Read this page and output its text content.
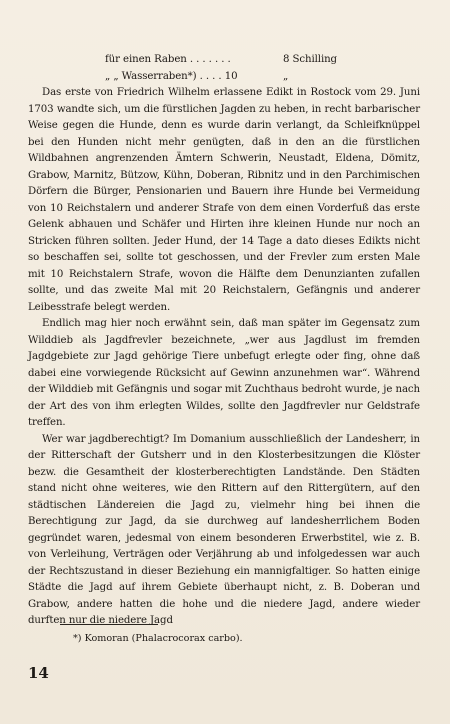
für einen Raben . . . . . . .	8 Schilling
„ „ Wasserraben*) . . . . 10	„

Das erste von Friedrich Wilhelm erlassene Edikt in Rostock vom 29. Juni 1703 wandte sich, um die fürstlichen Jagden zu heben, in recht barbarischer Weise gegen die Hunde, denn es wurde darin verlangt, da Schleifknüppel bei den Hunden nicht mehr genügten, daß in den an die fürstlichen Wildbahnen angrenzenden Ämtern Schwerin, Neustadt, Eldena, Dömitz, Grabow, Marnitz, Bützow, Kühn, Doberan, Ribnitz und in den Parchimischen Dörfern die Bürger, Pensionarien und Bauern ihre Hunde bei Vermeidung von 10 Reichstalern und anderer Strafe von dem einen Vorderfuß das erste Gelenk abhauen und Schäfer und Hirten ihre kleinen Hunde nur noch an Stricken führen sollten. Jeder Hund, der 14 Tage a dato dieses Edikts nicht so beschaffen sei, sollte tot geschossen, und der Frevler zum ersten Male mit 10 Reichstalern Strafe, wovon die Hälfte dem Denunzianten zufallen sollte, und das zweite Mal mit 20 Reichstalern, Gefängnis und anderer Leibesstrafe belegt werden.

Endlich mag hier noch erwähnt sein, daß man später im Gegensatz zum Wilddieb als Jagdfrevler bezeichnete, „wer aus Jagdlust im fremden Jagdgebiete zur Jagd gehörige Tiere unbefugt erlegte oder fing, ohne daß dabei eine vorwiegende Rücksicht auf Gewinn anzunehmen war“. Während der Wilddieb mit Gefängnis und sogar mit Zuchthaus bedroht wurde, je nach der Art des von ihm erlegten Wildes, sollte den Jagdfrevler nur Geldstrafe treffen.

Wer war jagdberechtigt? Im Domanium ausschließlich der Landesherr, in der Ritterschaft der Gutsherr und in den Klosterbesitzungen die Klöster bezw. die Gesamtheit der klosterberechtigten Landstände. Den Städten stand nicht ohne weiteres, wie den Rittern auf den Rittergütern, auf den städtischen Ländereien die Jagd zu, vielmehr hing bei ihnen die Berechtigung zur Jagd, da sie durchweg auf landesherrlichem Boden gegründet waren, jedesmal von einem besonderen Erwerbstitel, wie z. B. von Verleihung, Verträgen oder Verjährung ab und infolgedessen war auch der Rechtszustand in dieser Beziehung ein mannigfaltiger. So hatten einige Städte die Jagd auf ihrem Gebiete überhaupt nicht, z. B. Doberan und Grabow, andere hatten die hohe und die niedere Jagd, andere wieder durften nur die niedere Jagd

*) Komoran (Phalacrocorax carbo).
14
